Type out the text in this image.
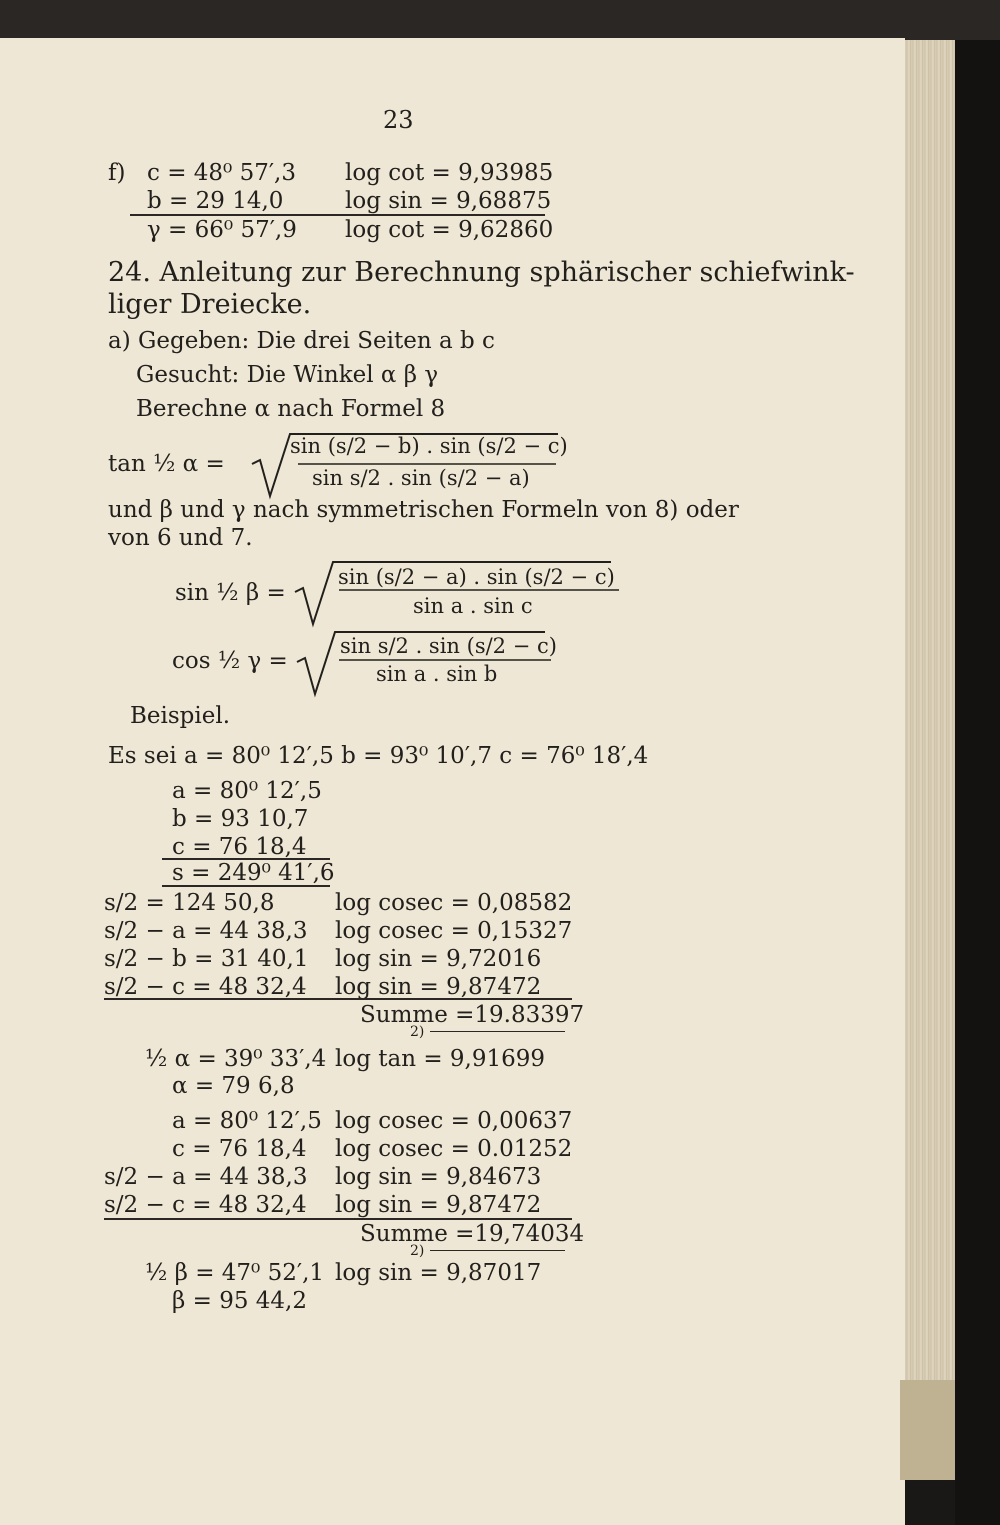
23
f) c = 48⁰ 57′,3 log cot = 9,93985
b = 29 14,0	log sin = 9,68875
γ = 66⁰ 57′,9 log cot = 9,62860
24. Anleitung zur Berechnung sphärischer schiefwink-
liger Dreiecke.
a) Gegeben: Die drei Seiten a b c
Gesucht: Die Winkel α β γ
Berechne α nach Formel 8
tan ½ α =
sin (s/2 − b) . sin (s/2 − c)
sin s/2 . sin (s/2 − a)
und β und γ nach symmetrischen Formeln von 8) oder
von 6 und 7.
sin ½ β =
sin (s/2 − a) . sin (s/2 − c)
sin a . sin c
cos ½ γ =
sin s/2 . sin (s/2 − c)
sin a . sin b
Beispiel.
Es sei a = 80⁰ 12′,5 b = 93⁰ 10′,7 c = 76⁰ 18′,4
a = 80⁰ 12′,5
b = 93 10,7
c = 76 18,4
s = 249⁰ 41′,6
s/2 = 124 50,8	log cosec = 0,08582
s/2 − a = 44 38,3 log cosec = 0,15327
s/2 − b = 31 40,1 log sin = 9,72016
s/2 − c = 48 32,4 log sin = 9,87472
Summe =19.83397
2)
½ α = 39⁰ 33′,4 log tan = 9,91699
α = 79 6,8
a = 80⁰ 12′,5 log cosec = 0,00637
c = 76 18,4 log cosec = 0.01252
s/2 − a = 44 38,3 log sin = 9,84673
s/2 − c = 48 32,4 log sin = 9,87472
Summe =19,74034
2)
½ β = 47⁰ 52′,1 log sin = 9,87017
β = 95 44,2
